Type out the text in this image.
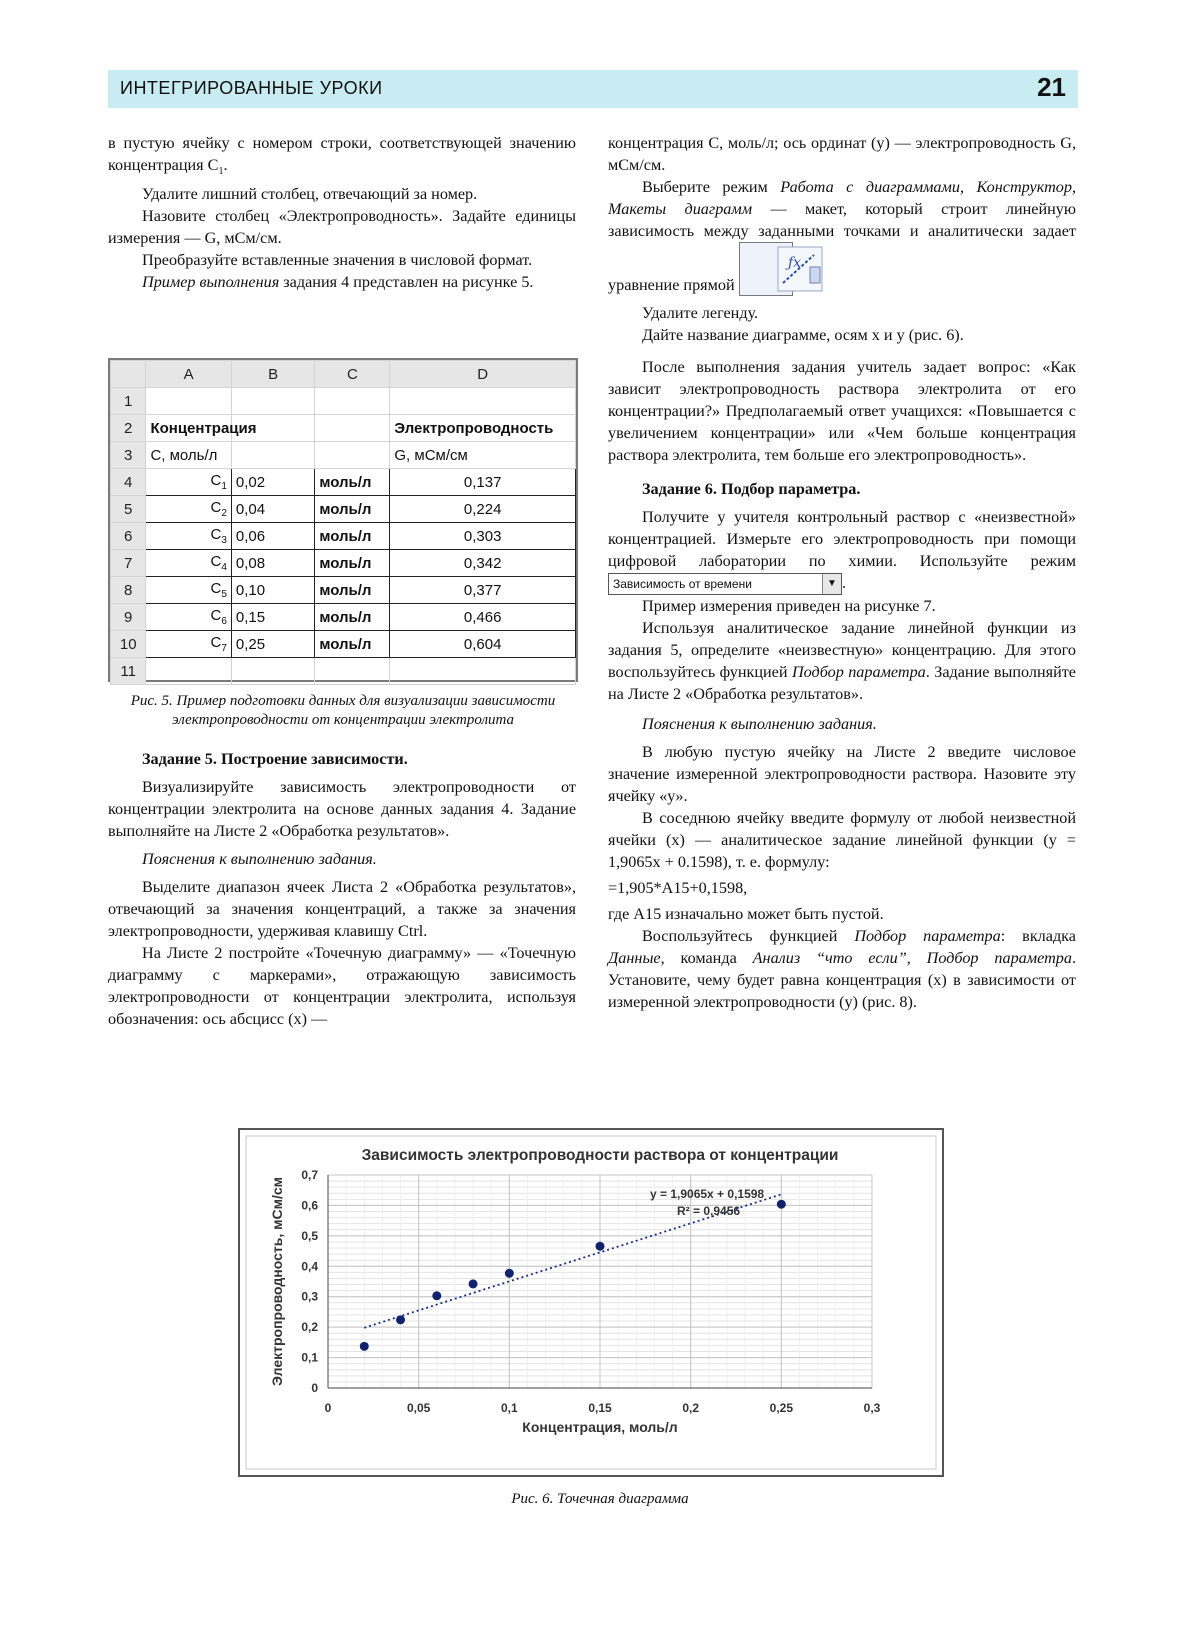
ИНТЕГРИРОВАННЫЕ УРОКИ	21

в пустую ячейку с номером строки, соответствующей значению концентрация $C_1$.

Удалите лишний столбец, отвечающий за номер.

Назовите столбец «Электропроводность». Задайте единицы измерения — G, мСм/см.

Преобразуйте вставленные значения в числовой формат.

Пример выполнения задания 4 представлен на рисунке 5.

	A	B	C	D
1				
2	Концентрация			Электропроводность
3	C, моль/л			G, мСм/см
4	$C_1$	0,02	моль/л	0,137
5	$C_2$	0,04	моль/л	0,224
6	$C_3$	0,06	моль/л	0,303
7	$C_4$	0,08	моль/л	0,342
8	$C_5$	0,10	моль/л	0,377
9	$C_6$	0,15	моль/л	0,466
10	$C_7$	0,25	моль/л	0,604
11				
Рис. 5. Пример подготовки данных для визуализации зависимости электропроводности от концентрации электролита

Задание 5. Построение зависимости.

Визуализируйте зависимость электропроводности от концентрации электролита на основе данных задания 4. Задание выполняйте на Листе 2 «Обработка результатов».

Пояснения к выполнению задания.

Выделите диапазон ячеек Листа 2 «Обработка результатов», отвечающий за значения концентраций, а также за значения электропроводности, удерживая клавишу Ctrl.

На Листе 2 постройте «Точечную диаграмму» — «Точечную диаграмму с маркерами», отражающую зависимость электропроводности от концентрации электролита, используя обозначения: ось абсцисс (x) —

концентрация C, моль/л; ось ординат (y) — электропроводность G, мСм/см.

Выберите режим Работа с диаграммами, Конструктор, Макеты диаграмм — макет, который строит линейную зависимость между заданными точками и аналитически задает уравнение прямой
ƒx

Удалите легенду.

Дайте название диаграмме, осям x и y (рис. 6).

После выполнения задания учитель задает вопрос: «Как зависит электропроводность раствора электролита от его концентрации?» Предполагаемый ответ учащихся: «Повышается с увеличением концентрации» или «Чем больше концентрация раствора электролита, тем больше его электропроводность».

Задание 6. Подбор параметра.

Получите у учителя контрольный раствор с «неизвестной» концентрацией. Измерьте его электропроводность при помощи цифровой лаборатории по химии. Используйте режим Зависимость от времени	▼ .

Пример измерения приведен на рисунке 7.

Используя аналитическое задание линейной функции из задания 5, определите «неизвестную» концентрацию. Для этого воспользуйтесь функцией Подбор параметра. Задание выполняйте на Листе 2 «Обработка результатов».

Пояснения к выполнению задания.

В любую пустую ячейку на Листе 2 введите числовое значение измеренной электропроводности раствора. Назовите эту ячейку «y».

В соседнюю ячейку введите формулу от любой неизвестной ячейки (x) — аналитическое задание линейной функции (y = 1,9065x + 0.1598), т. е. формулу:

=1,905*A15+0,1598,

где A15 изначально может быть пустой.

Воспользуйтесь функцией Подбор параметра: вкладка Данные, команда Анализ “что если”, Подбор параметра. Установите, чему будет равна концентрация (x) в зависимости от измеренной электропроводности (y) (рис. 8).

0
0,1
0,2
0,3
0,4
0,5
0,6
0,7
0	0,05	0,1	0,15	0,2	0,25	0,3
Зависимость электропроводности раствора от концентрации
Концентрация, моль/л
Электропроводность, мСм/см	y = 1,9065x + 0,1598
R² = 0,9456
Рис. 6. Точечная диаграмма
